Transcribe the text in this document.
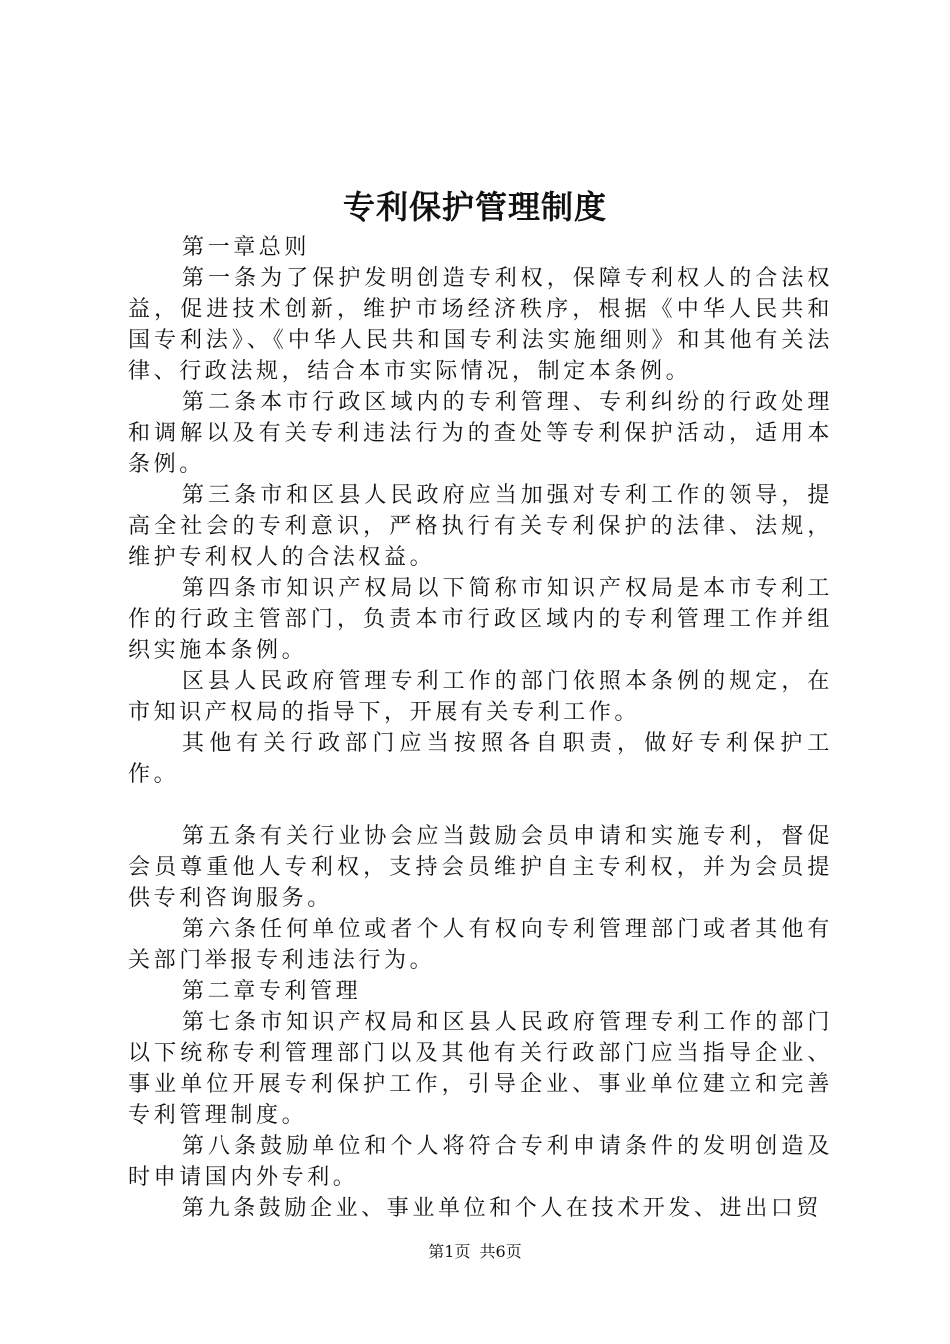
专利保护管理制度

第一章总则

第一条为了保护发明创造专利权，保障专利权人的合法权益，促进技术创新，维护市场经济秩序，根据《中华人民共和国专利法》、《中华人民共和国专利法实施细则》和其他有关法律、行政法规，结合本市实际情况，制定本条例。

第二条本市行政区域内的专利管理、专利纠纷的行政处理和调解以及有关专利违法行为的查处等专利保护活动，适用本条例。

第三条市和区县人民政府应当加强对专利工作的领导，提高全社会的专利意识，严格执行有关专利保护的法律、法规，维护专利权人的合法权益。

第四条市知识产权局以下简称市知识产权局是本市专利工作的行政主管部门，负责本市行政区域内的专利管理工作并组织实施本条例。

区县人民政府管理专利工作的部门依照本条例的规定，在市知识产权局的指导下，开展有关专利工作。

其他有关行政部门应当按照各自职责，做好专利保护工作。

第五条有关行业协会应当鼓励会员申请和实施专利，督促会员尊重他人专利权，支持会员维护自主专利权，并为会员提供专利咨询服务。

第六条任何单位或者个人有权向专利管理部门或者其他有关部门举报专利违法行为。

第二章专利管理

第七条市知识产权局和区县人民政府管理专利工作的部门以下统称专利管理部门以及其他有关行政部门应当指导企业、事业单位开展专利保护工作，引导企业、事业单位建立和完善专利管理制度。

第八条鼓励单位和个人将符合专利申请条件的发明创造及时申请国内外专利。

第九条鼓励企业、事业单位和个人在技术开发、进出口贸

第1页 共6页
